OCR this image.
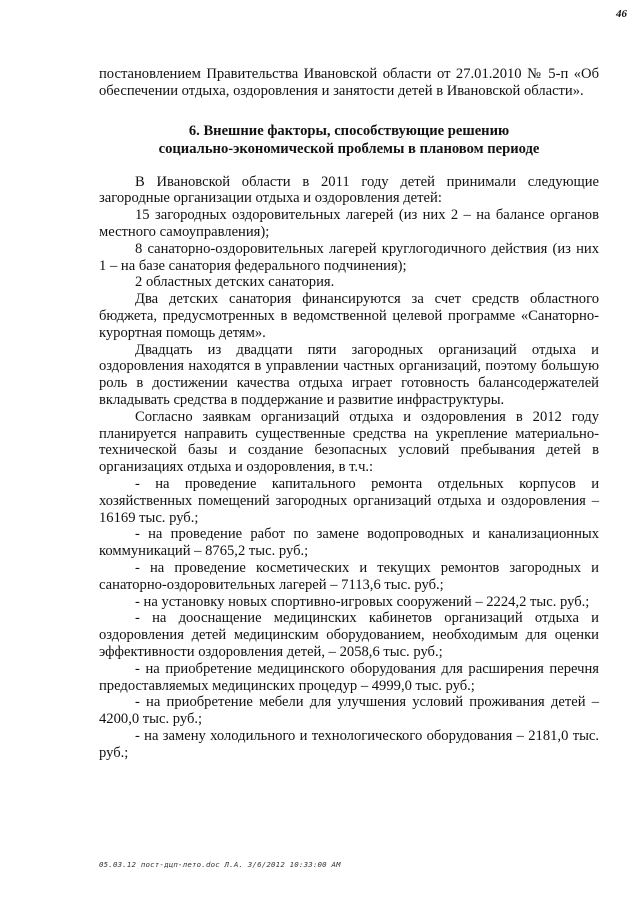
46

постановлением Правительства Ивановской области от 27.01.2010 № 5-п «Об обеспечении отдыха, оздоровления и занятости детей в Ивановской области».

6. Внешние факторы, способствующие решению
социально-экономической проблемы в плановом периоде

В Ивановской области в 2011 году детей принимали следующие загородные организации отдыха и оздоровления детей:

15 загородных оздоровительных лагерей (из них 2 – на балансе органов местного самоуправления);

8 санаторно-оздоровительных лагерей круглогодичного действия (из них 1 – на базе санатория федерального подчинения);

2 областных детских санатория.

Два детских санатория финансируются за счет средств областного бюджета, предусмотренных в ведомственной целевой программе «Санаторно-курортная помощь детям».

Двадцать из двадцати пяти загородных организаций отдыха и оздоровления находятся в управлении частных организаций, поэтому большую роль в достижении качества отдыха играет готовность балансодержателей вкладывать средства в поддержание и развитие инфраструктуры.

Согласно заявкам организаций отдыха и оздоровления в 2012 году планируется направить существенные средства на укрепление материально-технической базы и создание безопасных условий пребывания детей в организациях отдыха и оздоровления, в т.ч.:

- на проведение капитального ремонта отдельных корпусов и хозяйственных помещений загородных организаций отдыха и оздоровления – 16169 тыс. руб.;

- на проведение работ по замене водопроводных и канализационных коммуникаций – 8765,2 тыс. руб.;

- на проведение косметических и текущих ремонтов загородных и санаторно-оздоровительных лагерей – 7113,6 тыс. руб.;

- на установку новых спортивно-игровых сооружений – 2224,2 тыс. руб.;

- на дооснащение медицинских кабинетов организаций отдыха и оздоровления детей медицинским оборудованием, необходимым для оценки эффективности оздоровления детей, – 2058,6 тыс. руб.;

- на приобретение медицинского оборудования для расширения перечня предоставляемых медицинских процедур – 4999,0 тыс. руб.;

- на приобретение мебели для улучшения условий проживания детей – 4200,0 тыс. руб.;

- на замену холодильного и технологического оборудования – 2181,0 тыс. руб.;

05.03.12 пост-дцп-лето.doc Л.А. 3/6/2012 10:33:00 AM
